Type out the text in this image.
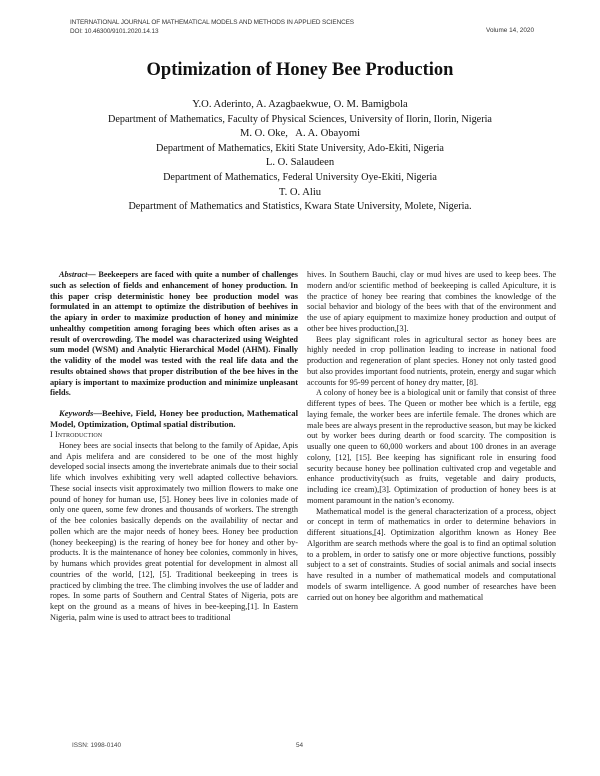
INTERNATIONAL JOURNAL OF MATHEMATICAL MODELS AND METHODS IN APPLIED SCIENCES
DOI: 10.46300/9101.2020.14.13	Volume 14, 2020
Optimization of Honey Bee Production
Y.O. Aderinto, A. Azagbaekwue, O. M. Bamigbola
Department of Mathematics, Faculty of Physical Sciences, University of Ilorin, Ilorin, Nigeria
M. O. Oke,   A. A. Obayomi
Department of Mathematics, Ekiti State University, Ado-Ekiti, Nigeria
L. O. Salaudeen
Department of Mathematics, Federal University Oye-Ekiti, Nigeria
T. O. Aliu
Department of Mathematics and Statistics, Kwara State University, Molete, Nigeria.

Abstract— Beekeepers are faced with quite a number of challenges such as selection of fields and enhancement of honey production. In this paper crisp deterministic honey bee production model was formulated in an attempt to optimize the distribution of beehives in the apiary in order to maximize production of honey and minimize unhealthy competition among foraging bees which often arises as a result of overcrowding. The model was characterized using Weighted sum model (WSM) and Analytic Hierarchical Model (AHM). Finally the validity of the model was tested with the real life data and the results obtained shows that proper distribution of the bee hives in the apiary is important to maximize production and minimize unpleasant fields.

Keywords—Beehive, Field, Honey bee production, Mathematical Model, Optimization, Optimal spatial distribution.

I Introduction

Honey bees are social insects that belong to the family of Apidae, Apis and Apis melifera and are considered to be one of the most highly developed social insects among the invertebrate animals due to their social life which involves exhibiting very well adapted collective behaviors. These social insects visit approximately two million flowers to make one pound of honey for human use, [5]. Honey bees live in colonies made of only one queen, some few drones and thousands of workers. The strength of the bee colonies basically depends on the availability of nectar and pollen which are the major needs of honey bees. Honey bee production (honey beekeeping) is the rearing of honey bee for honey and other by-products. It is the maintenance of honey bee colonies, commonly in hives, by humans which provides great potential for development in almost all countries of the world, [12], [5]. Traditional beekeeping in trees is practiced by climbing the tree. The climbing involves the use of ladder and ropes. In some parts of Southern and Central States of Nigeria, pots are kept on the ground as a means of hives in bee-keeping,[1]. In Eastern Nigeria, palm wine is used to attract bees to traditional

hives. In Southern Bauchi, clay or mud hives are used to keep bees. The modern and/or scientific method of beekeeping is called Apiculture, it is the practice of honey bee rearing that combines the knowledge of the social behavior and biology of the bees with that of the environment and the use of apiary equipment to maximize honey production and output of other bee hives production,[3].

Bees play significant roles in agricultural sector as honey bees are highly needed in crop pollination leading to increase in national food production and regeneration of plant species. Honey not only tasted good but also provides important food nutrients, protein, energy and sugar which accounts for 95-99 percent of honey dry matter, [8].

A colony of honey bee is a biological unit or family that consist of three different types of bees. The Queen or mother bee which is a fertile, egg laying female, the worker bees are infertile female. The drones which are male bees are always present in the reproductive season, but may be kicked out by worker bees during dearth or food scarcity. The composition is usually one queen to 60,000 workers and about 100 drones in an average colony, [12], [15]. Bee keeping has significant role in ensuring food security because honey bee pollination cultivated crop and vegetable and enhance productivity(such as fruits, vegetable and dairy products, including ice cream),[3]. Optimization of production of honey bees is at moment paramount in the nation’s economy.

Mathematical model is the general characterization of a process, object or concept in term of mathematics in order to determine behaviors in different situations,[4]. Optimization algorithm known as Honey Bee Algorithm are search methods where the goal is to find an optimal solution to a problem, in order to satisfy one or more objective functions, possibly subject to a set of constraints. Studies of social animals and social insects have resulted in a number of mathematical models and computational models of swarm intelligence. A good number of researches have been carried out on honey bee algorithm and mathematical

ISSN: 1998-0140	54
